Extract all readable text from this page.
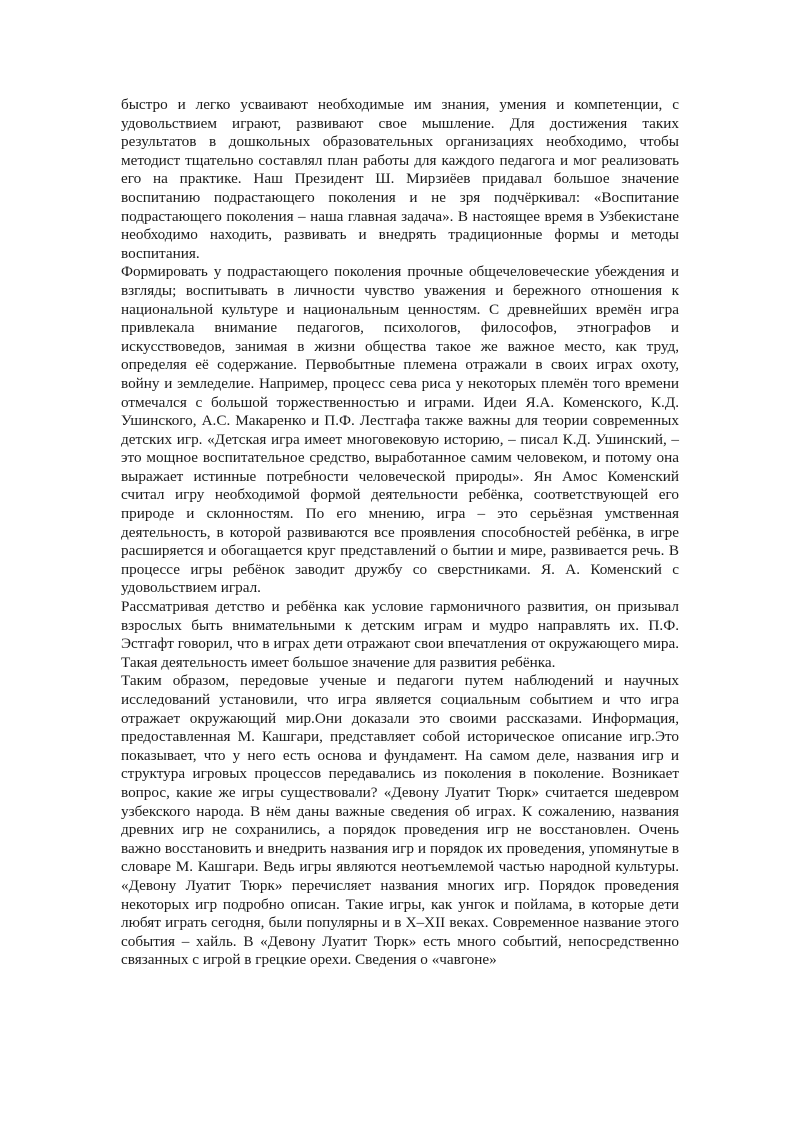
быстро и легко усваивают необходимые им знания, умения и компетенции, с удовольствием играют, развивают свое мышление. Для достижения таких результатов в дошкольных образовательных организациях необходимо, чтобы методист тщательно составлял план работы для каждого педагога и мог реализовать его на практике. Наш Президент Ш. Мирзиёев придавал большое значение воспитанию подрастающего поколения и не зря подчёркивал: «Воспитание подрастающего поколения – наша главная задача». В настоящее время в Узбекистане необходимо находить, развивать и внедрять традиционные формы и методы воспитания.

Формировать у подрастающего поколения прочные общечеловеческие убеждения и взгляды; воспитывать в личности чувство уважения и бережного отношения к национальной культуре и национальным ценностям. С древнейших времён игра привлекала внимание педагогов, психологов, философов, этнографов и искусствоведов, занимая в жизни общества такое же важное место, как труд, определяя её содержание. Первобытные племена отражали в своих играх охоту, войну и земледелие. Например, процесс сева риса у некоторых племён того времени отмечался с большой торжественностью и играми. Идеи Я.А. Коменского, К.Д. Ушинского, А.С. Макаренко и П.Ф. Лестгафа также важны для теории современных детских игр. «Детская игра имеет многовековую историю, – писал К.Д. Ушинский, – это мощное воспитательное средство, выработанное самим человеком, и потому она выражает истинные потребности человеческой природы». Ян Амос Коменский считал игру необходимой формой деятельности ребёнка, соответствующей его природе и склонностям. По его мнению, игра – это серьёзная умственная деятельность, в которой развиваются все проявления способностей ребёнка, в игре расширяется и обогащается круг представлений о бытии и мире, развивается речь. В процессе игры ребёнок заводит дружбу со сверстниками. Я. А. Коменский с удовольствием играл.

Рассматривая детство и ребёнка как условие гармоничного развития, он призывал взрослых быть внимательными к детским играм и мудро направлять их. П.Ф. Эстгафт говорил, что в играх дети отражают свои впечатления от окружающего мира. Такая деятельность имеет большое значение для развития ребёнка.

Таким образом, передовые ученые и педагоги путем наблюдений и научных исследований установили, что игра является социальным событием и что игра отражает окружающий мир.Они доказали это своими рассказами. Информация, предоставленная М. Кашгари, представляет собой историческое описание игр.Это показывает, что у него есть основа и фундамент. На самом деле, названия игр и структура игровых процессов передавались из поколения в поколение. Возникает вопрос, какие же игры существовали? «Девону Луатит Тюрк» считается шедевром узбекского народа. В нём даны важные сведения об играх. К сожалению, названия древних игр не сохранились, а порядок проведения игр не восстановлен. Очень важно восстановить и внедрить названия игр и порядок их проведения, упомянутые в словаре М. Кашгари. Ведь игры являются неотъемлемой частью народной культуры. «Девону Луатит Тюрк» перечисляет названия многих игр. Порядок проведения некоторых игр подробно описан. Такие игры, как унгок и пойлама, в которые дети любят играть сегодня, были популярны и в X–XII веках. Современное название этого события – хайль. В «Девону Луатит Тюрк» есть много событий, непосредственно связанных с игрой в грецкие орехи. Сведения о «чавгоне»
